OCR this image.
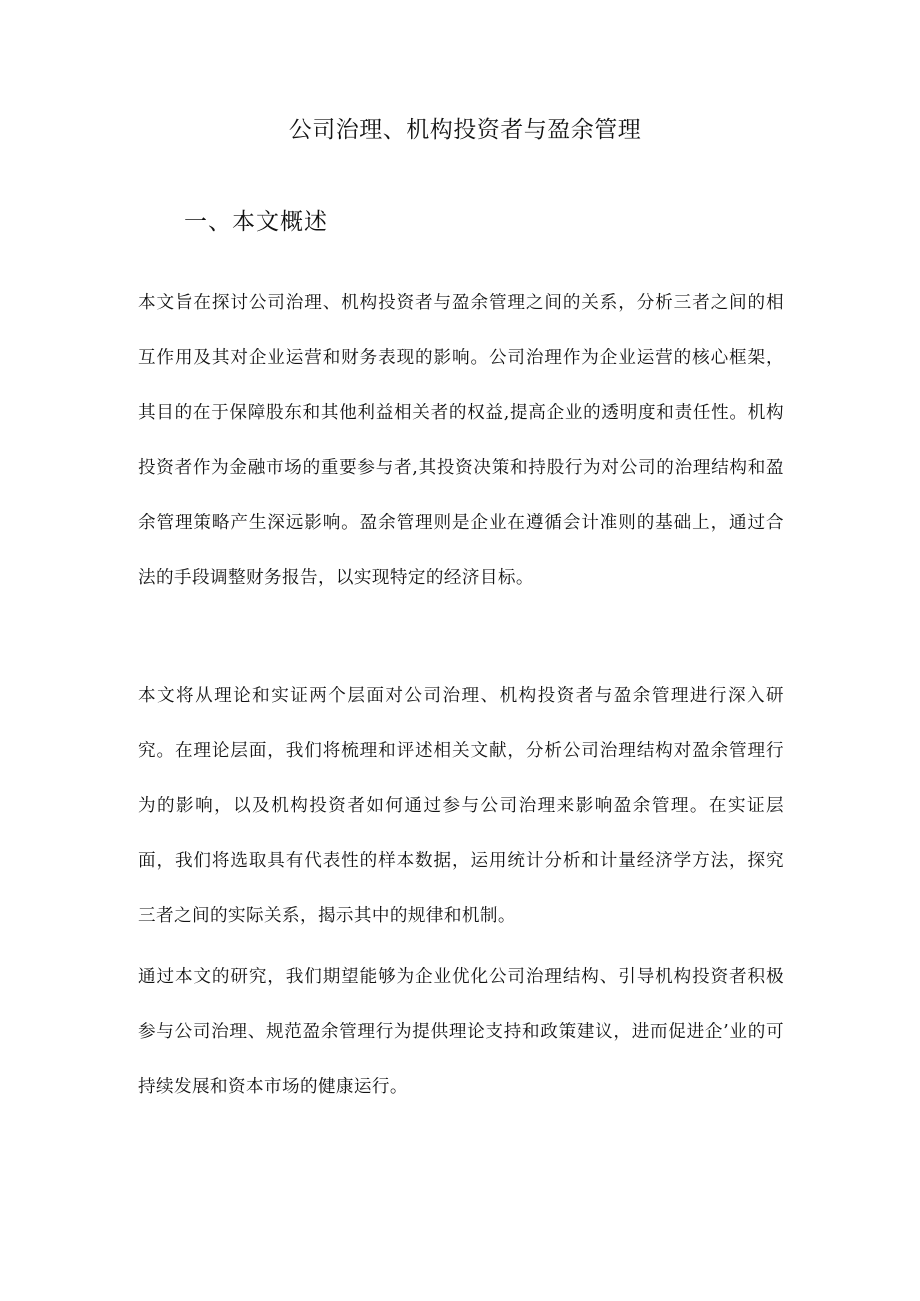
公司治理、机构投资者与盈余管理
一、本文概述

本文旨在探讨公司治理、机构投资者与盈余管理之间的关系，分析三者之间的相互作用及其对企业运营和财务表现的影响。公司治理作为企业运营的核心框架，其目的在于保障股东和其他利益相关者的权益,提高企业的透明度和责任性。机构投资者作为金融市场的重要参与者,其投资决策和持股行为对公司的治理结构和盈余管理策略产生深远影响。盈余管理则是企业在遵循会计准则的基础上，通过合法的手段调整财务报告，以实现特定的经济目标。

本文将从理论和实证两个层面对公司治理、机构投资者与盈余管理进行深入研究。在理论层面，我们将梳理和评述相关文献，分析公司治理结构对盈余管理行为的影响，以及机构投资者如何通过参与公司治理来影响盈余管理。在实证层面，我们将选取具有代表性的样本数据，运用统计分析和计量经济学方法，探究三者之间的实际关系，揭示其中的规律和机制。

通过本文的研究，我们期望能够为企业优化公司治理结构、引导机构投资者积极参与公司治理、规范盈余管理行为提供理论支持和政策建议，进而促进企’业的可持续发展和资本市场的健康运行。
